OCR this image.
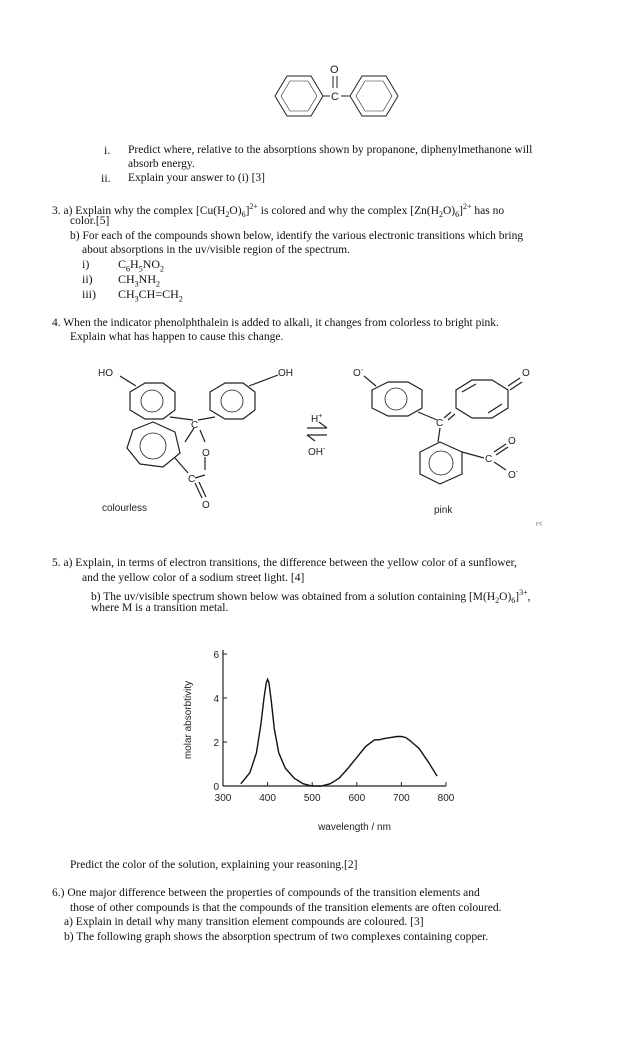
O
C
i. Predict where, relative to the absorptions shown by propanone, diphenylmethanone will
absorb energy.
ii. Explain your answer to (i) [3]
3. a) Explain why the complex $[Cu(H_2O)_6]^{2+}$ is colored and why the complex $[Zn(H_2O)_6]^{2+}$ has no
color.[5]
b) For each of the compounds shown below, identify the various electronic transitions which bring
about absorptions in the uv/visible region of the spectrum.
i) $C_6H_5NO_2$
ii) $CH_3NH_2$
iii) $CH_3CH=CH_2$
4. When the indicator phenolphthalein is added to alkali, it changes from colorless to bright pink.
Explain what has happen to cause this change.
HO	OH
C
O
C
O
H+
OH-
O-	O
C
C
O
O-
colourless	pink
r<
5. a) Explain, in terms of electron transitions, the difference between the yellow color of a sunflower,
and the yellow color of a sodium street light. [4]
b) The uv/visible spectrum shown below was obtained from a solution containing $[M(H_2O)_6]^{3+}$,
where M is a transition metal.
300	400	500	600	700	800
0
2
4
6
wavelength / nm
molar absorbtivity
Predict the color of the solution, explaining your reasoning.[2]
6.) One major difference between the properties of compounds of the transition elements and
those of other compounds is that the compounds of the transition elements are often coloured.
a) Explain in detail why many transition element compounds are coloured. [3]
b) The following graph shows the absorption spectrum of two complexes containing copper.
